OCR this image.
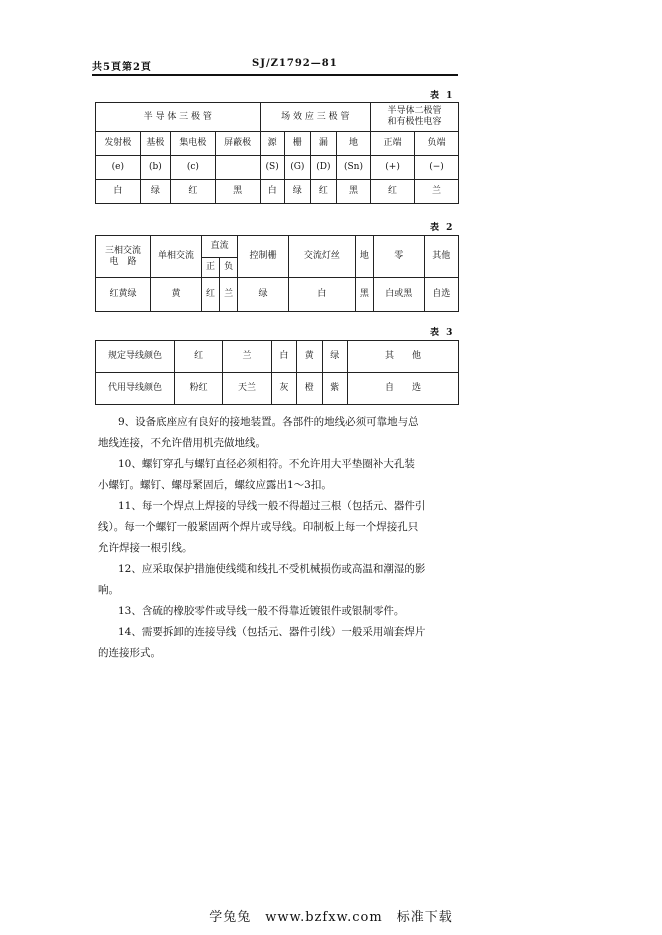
共5頁第2頁	SJ/Z1792—81
表 1
半 导 体 三 极 管				场 效 应 三 极 管				半导体二极管
和有极性电容	
发射极	基极	集电极	屏蔽极	源	栅	漏	地	正端	负端
(e)	(b)	(c)		(S)	(G)	(D)	(Sn)	(+)	(−)
白	绿	红	黑	白	绿	红	黑	红	兰
表 2
三相交流
电　路	单相交流	直流		控制栅	交流灯丝	地	零	其他
		正	负					
红黄绿	黄	红	兰	绿	白	黑	白或黑	自选
表 3
规定导线颜色	红	兰	白	黄	绿	其　　他
代用导线颜色	粉红	天兰	灰	橙	紫	自　　选

9、设备底座应有良好的接地装置。各部件的地线必须可靠地与总

地线连接，不允许借用机壳做地线。

10、螺钉穿孔与螺钉直径必须相符。不允许用大平垫圈补大孔装

小螺钉。螺钉、螺母紧固后，螺纹应露出1～3扣。

11、每一个焊点上焊接的导线一般不得超过三根（包括元、器件引

线）。每一个螺钉一般紧固两个焊片或导线。印制板上每一个焊接孔只

允许焊接一根引线。

12、应采取保护措施使线缆和线扎不受机械损伤或高温和潮湿的影

响。

13、含硫的橡胶零件或导线一般不得靠近镀银件或银制零件。

14、需要拆卸的连接导线（包括元、器件引线）一般采用端套焊片

的连接形式。

学兔兔　www.bzfxw.com　标准下载
